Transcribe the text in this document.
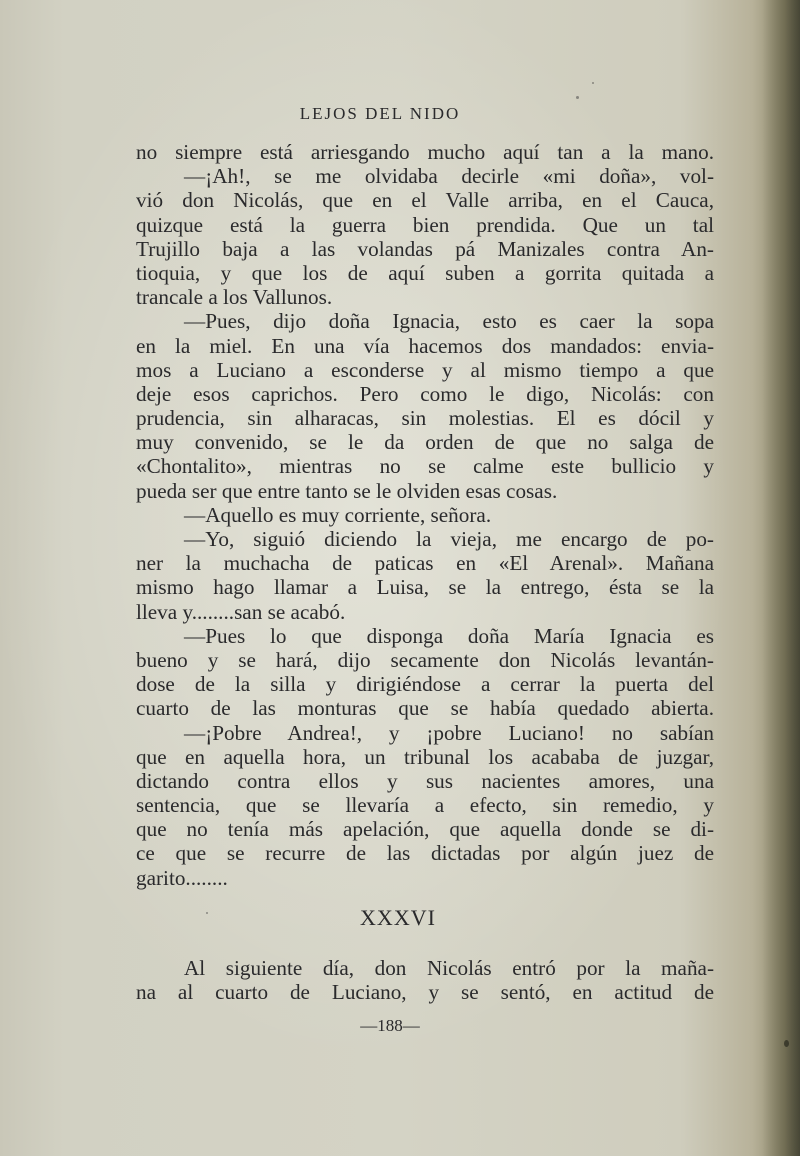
LEJOS DEL NIDO
no siempre está arriesgando mucho aquí tan a la mano.
—¡Ah!, se me olvidaba decirle «mi doña», vol-
vió don Nicolás, que en el Valle arriba, en el Cauca,
quizque está la guerra bien prendida. Que un tal
Trujillo baja a las volandas pá Manizales contra An-
tioquia, y que los de aquí suben a gorrita quitada a
trancale a los Vallunos.
—Pues, dijo doña Ignacia, esto es caer la sopa
en la miel. En una vía hacemos dos mandados: envia-
mos a Luciano a esconderse y al mismo tiempo a que
deje esos caprichos. Pero como le digo, Nicolás: con
prudencia, sin alharacas, sin molestias. El es dócil y
muy convenido, se le da orden de que no salga de
«Chontalito», mientras no se calme este bullicio y
pueda ser que entre tanto se le olviden esas cosas.
—Aquello es muy corriente, señora.
—Yo, siguió diciendo la vieja, me encargo de po-
ner la muchacha de paticas en «El Arenal». Mañana
mismo hago llamar a Luisa, se la entrego, ésta se la
lleva y........san se acabó.
—Pues lo que disponga doña María Ignacia es
bueno y se hará, dijo secamente don Nicolás levantán-
dose de la silla y dirigiéndose a cerrar la puerta del
cuarto de las monturas que se había quedado abierta.
—¡Pobre Andrea!, y ¡pobre Luciano! no sabían
que en aquella hora, un tribunal los acababa de juzgar,
dictando contra ellos y sus nacientes amores, una
sentencia, que se llevaría a efecto, sin remedio, y
que no tenía más apelación, que aquella donde se di-
ce que se recurre de las dictadas por algún juez de
garito........
XXXVI
Al siguiente día, don Nicolás entró por la maña-
na al cuarto de Luciano, y se sentó, en actitud de
—188—
